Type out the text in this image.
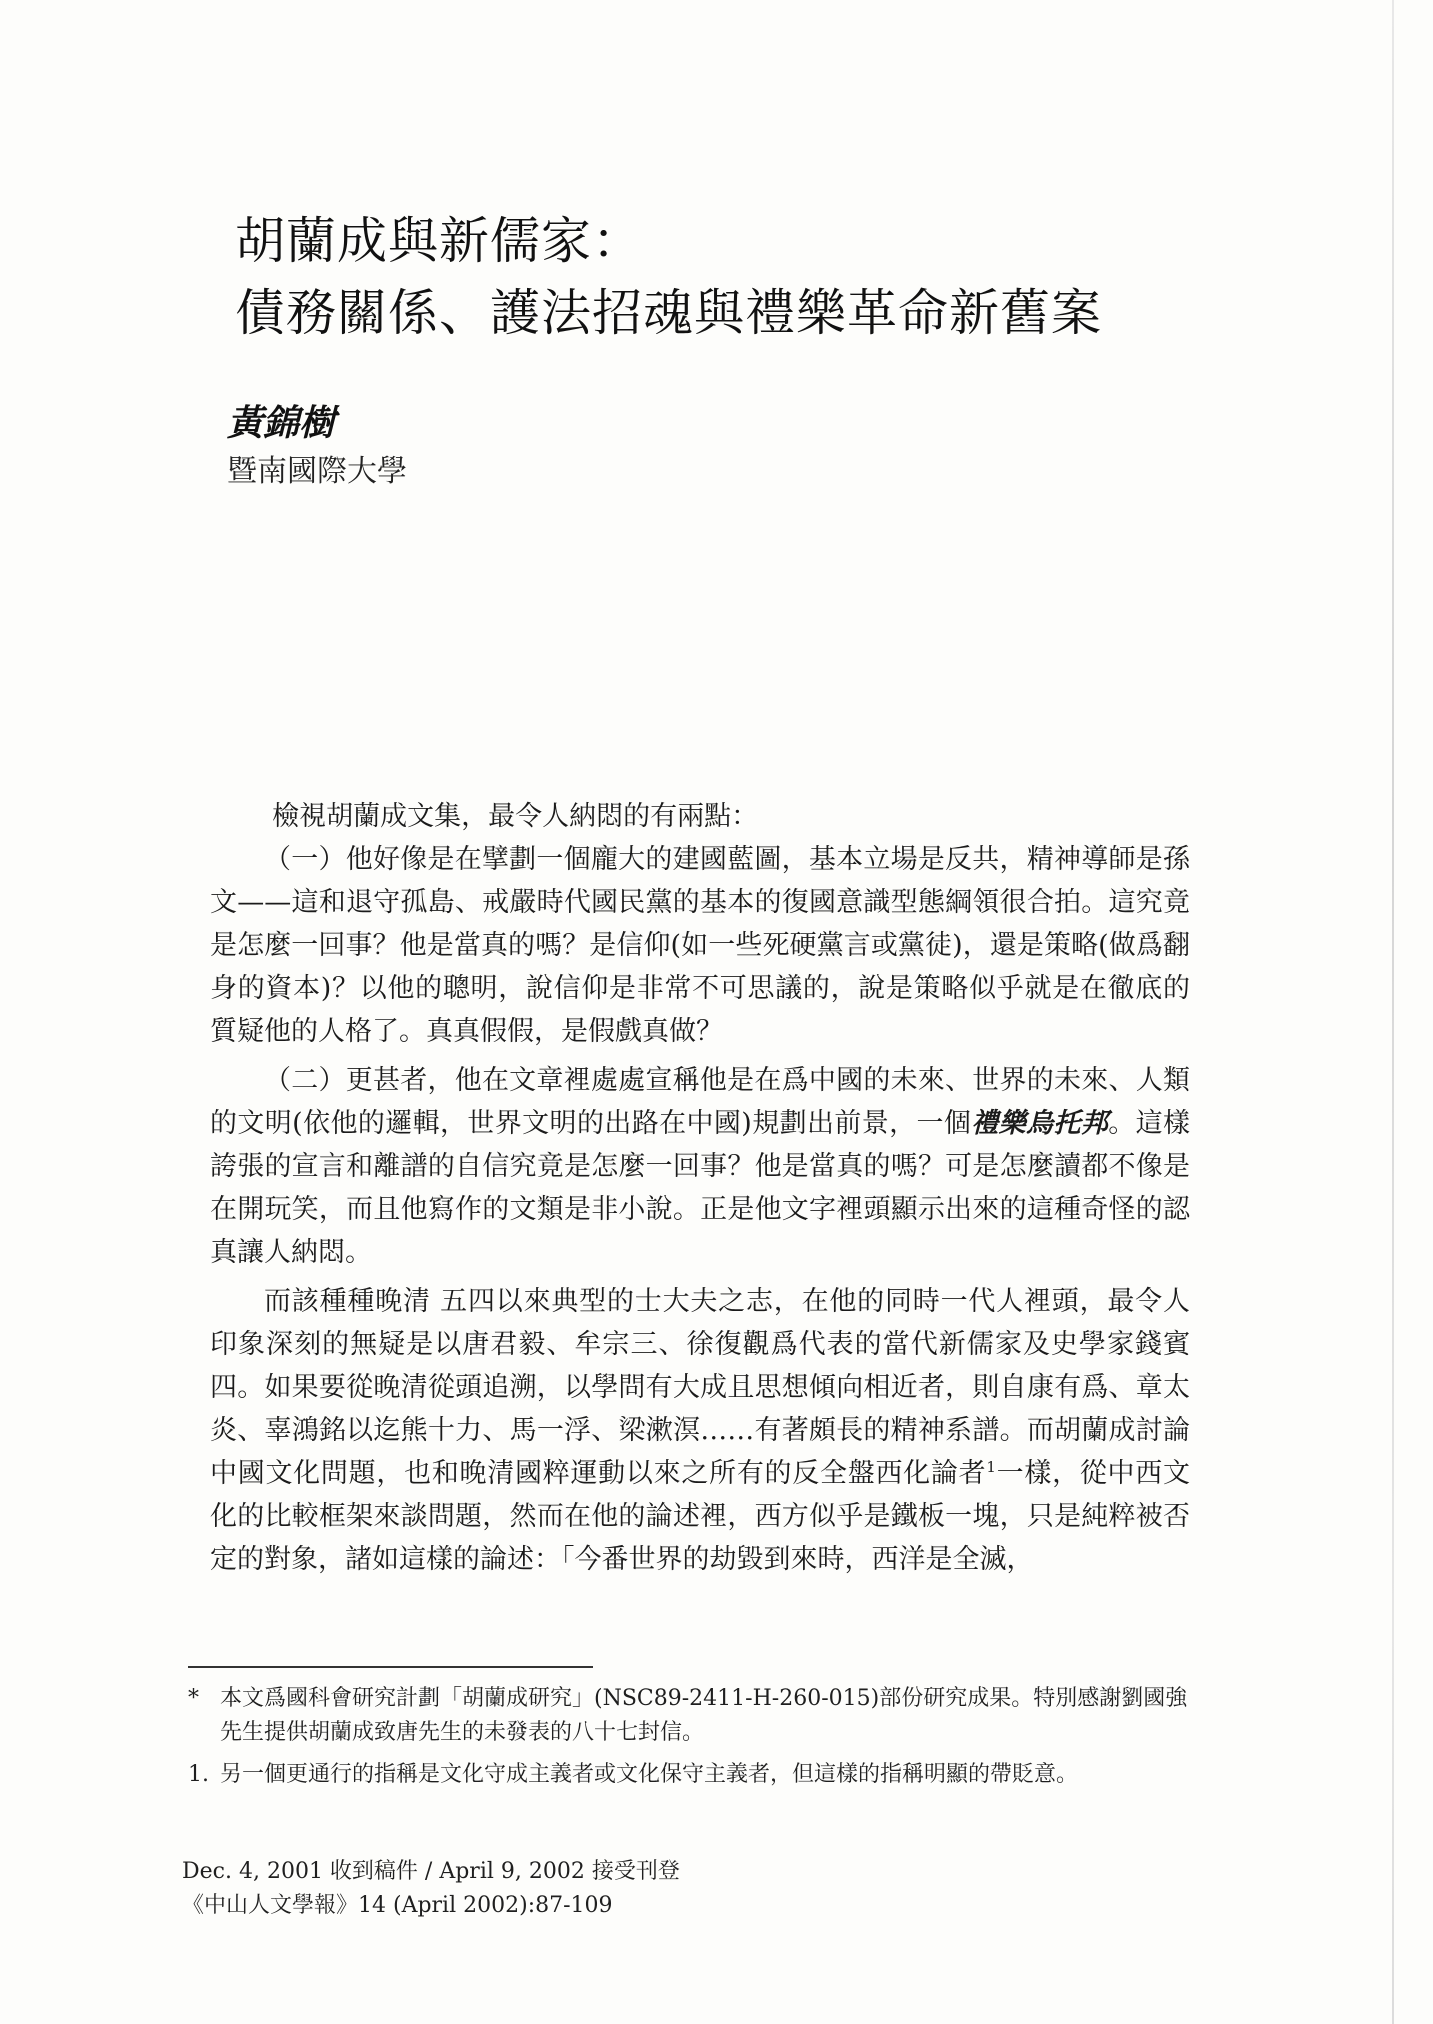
胡蘭成與新儒家：
債務關係、護法招魂與禮樂革命新舊案
黃錦樹
暨南國際大學

檢視胡蘭成文集，最令人納悶的有兩點：

（一）他好像是在擘劃一個龐大的建國藍圖，基本立場是反共，精神導師是孫文——這和退守孤島、戒嚴時代國民黨的基本的復國意識型態綱領很合拍。這究竟是怎麼一回事？他是當真的嗎？是信仰(如一些死硬黨言或黨徒)，還是策略(做爲翻身的資本)？以他的聰明，說信仰是非常不可思議的，說是策略似乎就是在徹底的質疑他的人格了。真真假假，是假戲真做？

（二）更甚者，他在文章裡處處宣稱他是在爲中國的未來、世界的未來、人類的文明(依他的邏輯，世界文明的出路在中國)規劃出前景，一個禮樂烏托邦。這樣誇張的宣言和離譜的自信究竟是怎麼一回事？他是當真的嗎？可是怎麼讀都不像是在開玩笑，而且他寫作的文類是非小說。正是他文字裡頭顯示出來的這種奇怪的認真讓人納悶。

而該種種晚清 五四以來典型的士大夫之志，在他的同時一代人裡頭，最令人印象深刻的無疑是以唐君毅、牟宗三、徐復觀爲代表的當代新儒家及史學家錢賓四。如果要從晚清從頭追溯，以學問有大成且思想傾向相近者，則自康有爲、章太炎、辜鴻銘以迄熊十力、馬一浮、梁漱溟……有著頗長的精神系譜。而胡蘭成討論中國文化問題，也和晚清國粹運動以來之所有的反全盤西化論者$^1$一樣，從中西文化的比較框架來談問題，然而在他的論述裡，西方似乎是鐵板一塊，只是純粹被否定的對象，諸如這樣的論述：「今番世界的劫毀到來時，西洋是全滅，

* 本文爲國科會研究計劃「胡蘭成研究」(NSC89-2411-H-260-015)部份研究成果。特別感謝劉國強先生提供胡蘭成致唐先生的未發表的八十七封信。
1. 另一個更通行的指稱是文化守成主義者或文化保守主義者，但這樣的指稱明顯的帶貶意。
Dec. 4, 2001 收到稿件 / April 9, 2002 接受刊登
《中山人文學報》14 (April 2002):87-109
